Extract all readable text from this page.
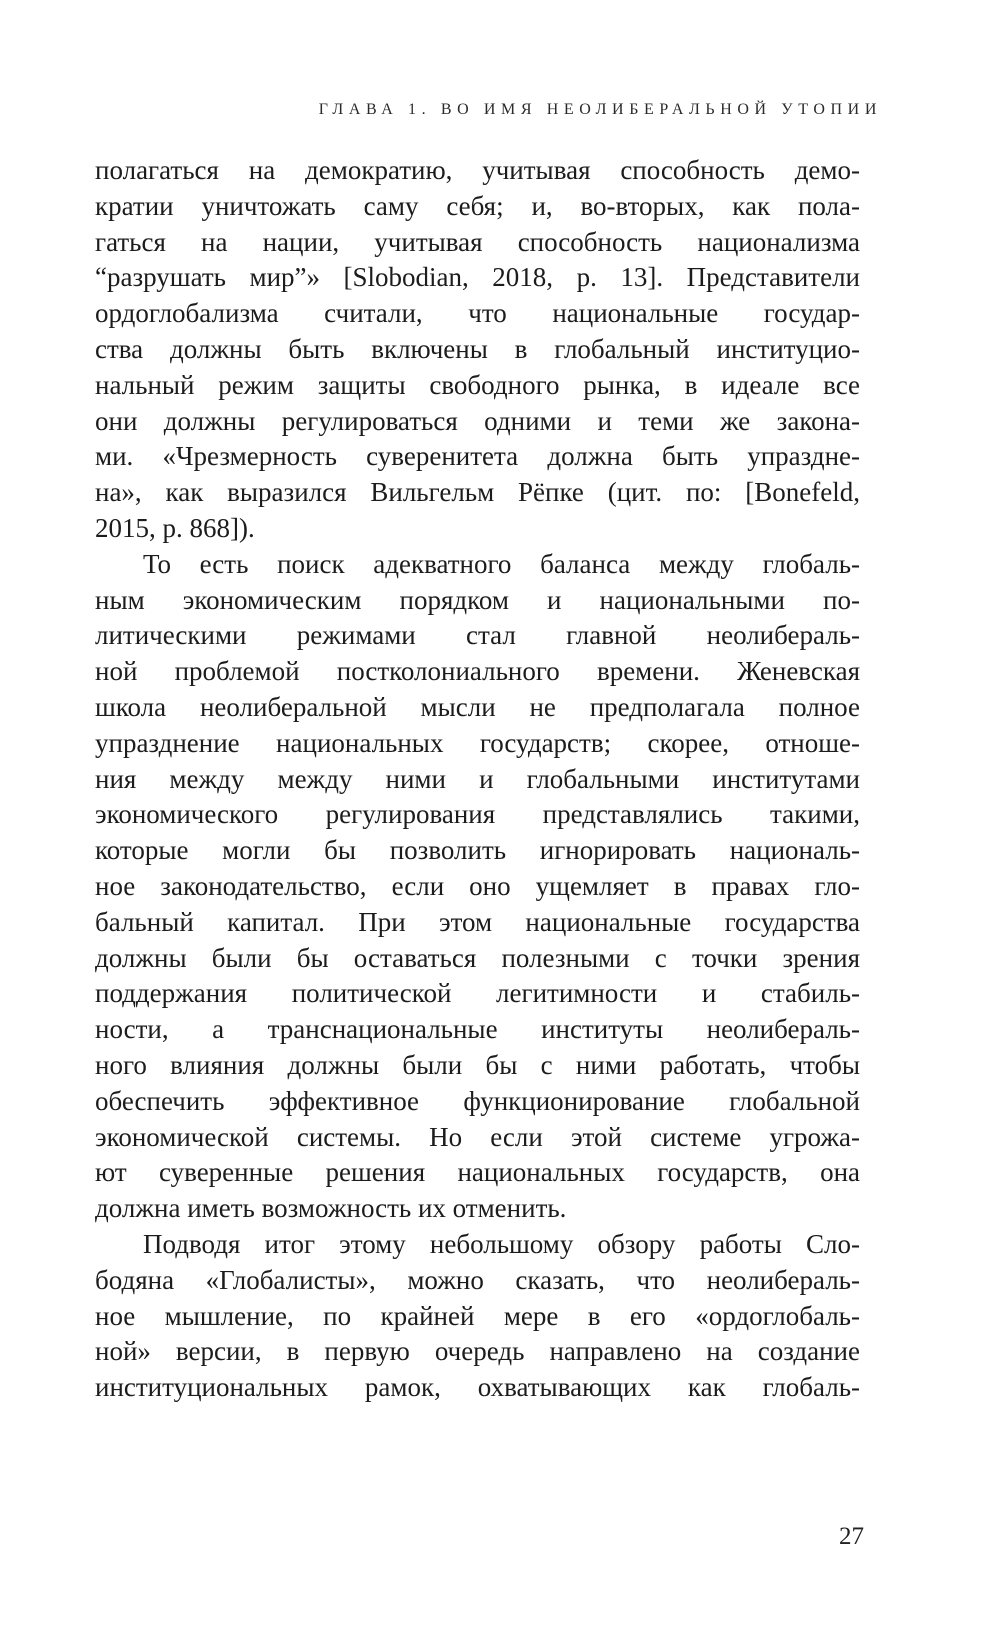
ГЛАВА 1. ВО ИМЯ НЕОЛИБЕРАЛЬНОЙ УТОПИИ
полагаться на демократию, учитывая способность демо-
кратии уничтожать саму себя; и, во-вторых, как пола-
гаться на нации, учитывая способность национализма
“разрушать мир”» [Slobodian, 2018, p. 13]. Представители
ордоглобализма считали, что национальные государ-
ства должны быть включены в глобальный институцио-
нальный режим защиты свободного рынка, в идеале все
они должны регулироваться одними и теми же закона-
ми. «Чрезмерность суверенитета должна быть упраздне-
на», как выразился Вильгельм Рёпке (цит. по: [Bonefeld,
2015, p. 868]).
То есть поиск адекватного баланса между глобаль-
ным экономическим порядком и национальными по-
литическими режимами стал главной неолибераль-
ной проблемой постколониального времени. Женевская
школа неолиберальной мысли не предполагала полное
упразднение национальных государств; скорее, отноше-
ния между между ними и глобальными институтами
экономического регулирования представлялись такими,
которые могли бы позволить игнорировать националь-
ное законодательство, если оно ущемляет в правах гло-
бальный капитал. При этом национальные государства
должны были бы оставаться полезными с точки зрения
поддержания политической легитимности и стабиль-
ности, а транснациональные институты неолибераль-
ного влияния должны были бы с ними работать, чтобы
обеспечить эффективное функционирование глобальной
экономической системы. Но если этой системе угрожа-
ют суверенные решения национальных государств, она
должна иметь возможность их отменить.
Подводя итог этому небольшому обзору работы Сло-
бодяна «Глобалисты», можно сказать, что неолибераль-
ное мышление, по крайней мере в его «ордоглобаль-
ной» версии, в первую очередь направлено на создание
институциональных рамок, охватывающих как глобаль-
27
